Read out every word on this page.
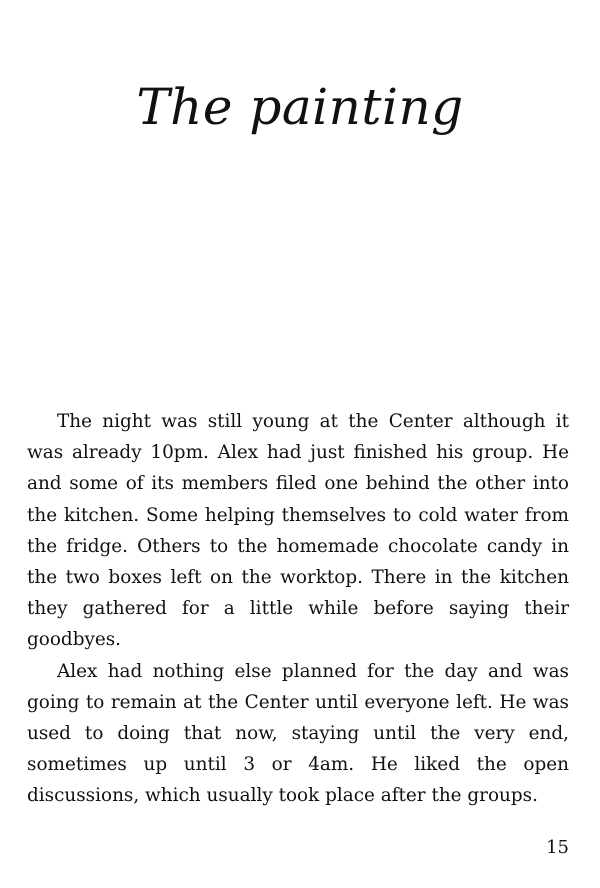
The painting

The night was still young at the Center although it was already 10pm. Alex had just finished his group. He and some of its members filed one behind the other into the kitchen. Some helping themselves to cold water from the fridge. Others to the homemade chocolate candy in the two boxes left on the worktop. There in the kitchen they gathered for a little while before saying their goodbyes.

Alex had nothing else planned for the day and was going to remain at the Center until everyone left. He was used to doing that now, staying until the very end, sometimes up until 3 or 4am. He liked the open discussions, which usually took place after the groups.

15
